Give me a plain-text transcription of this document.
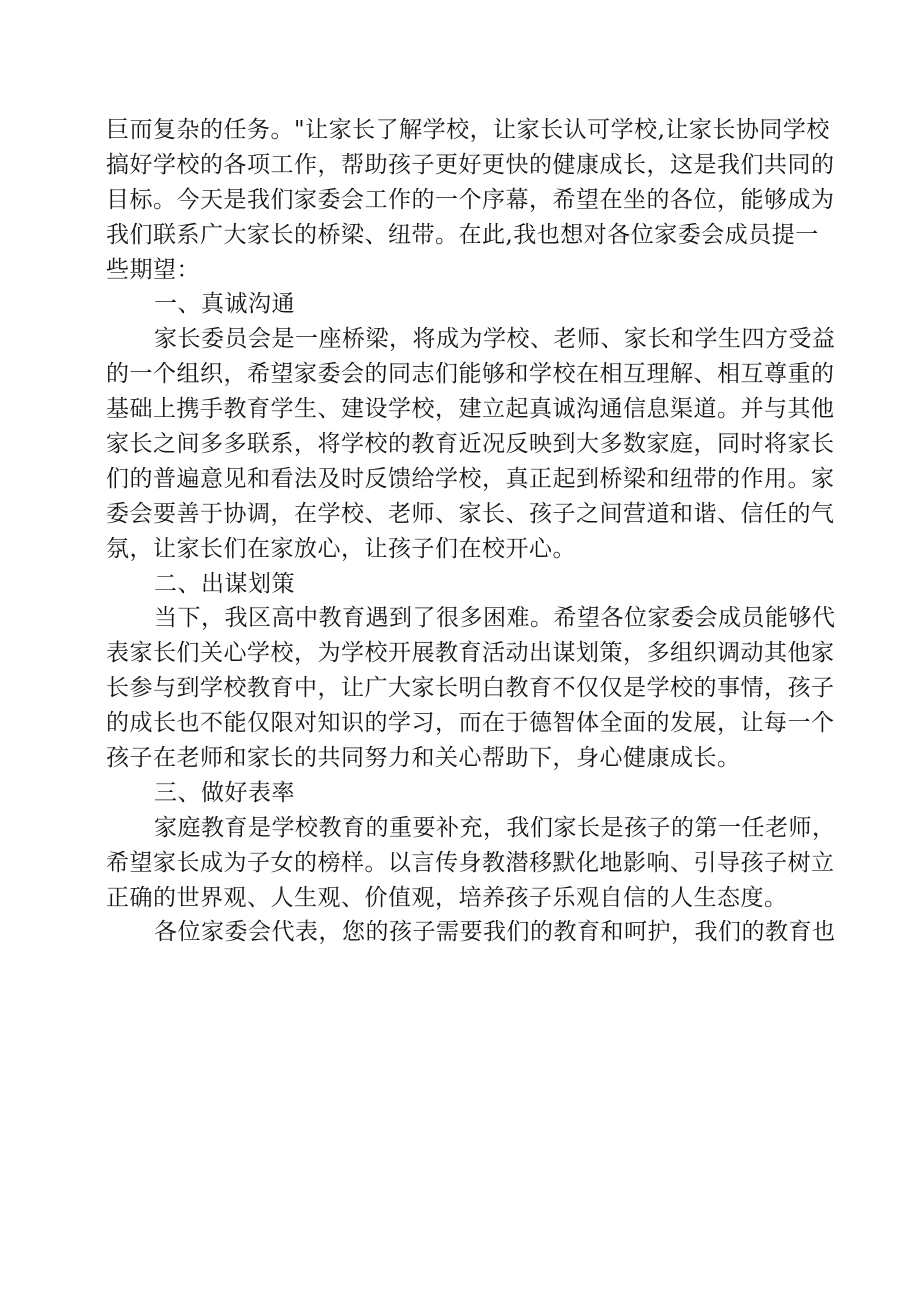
巨而复杂的任务。"让家长了解学校，让家长认可学校,让家长协同学校
搞好学校的各项工作，帮助孩子更好更快的健康成长，这是我们共同的
目标。今天是我们家委会工作的一个序幕，希望在坐的各位，能够成为
我们联系广大家长的桥梁、纽带。在此,我也想对各位家委会成员提一
些期望：
一、真诚沟通
家长委员会是一座桥梁，将成为学校、老师、家长和学生四方受益
的一个组织，希望家委会的同志们能够和学校在相互理解、相互尊重的
基础上携手教育学生、建设学校，建立起真诚沟通信息渠道。并与其他
家长之间多多联系，将学校的教育近况反映到大多数家庭，同时将家长
们的普遍意见和看法及时反馈给学校，真正起到桥梁和纽带的作用。家
委会要善于协调，在学校、老师、家长、孩子之间营道和谐、信任的气
氛，让家长们在家放心，让孩子们在校开心。
二、出谋划策
当下，我区高中教育遇到了很多困难。希望各位家委会成员能够代
表家长们关心学校，为学校开展教育活动出谋划策，多组织调动其他家
长参与到学校教育中，让广大家长明白教育不仅仅是学校的事情，孩子
的成长也不能仅限对知识的学习，而在于德智体全面的发展，让每一个
孩子在老师和家长的共同努力和关心帮助下，身心健康成长。
三、做好表率
家庭教育是学校教育的重要补充，我们家长是孩子的第一任老师，
希望家长成为子女的榜样。以言传身教潜移默化地影响、引导孩子树立
正确的世界观、人生观、价值观，培养孩子乐观自信的人生态度。
各位家委会代表，您的孩子需要我们的教育和呵护，我们的教育也
